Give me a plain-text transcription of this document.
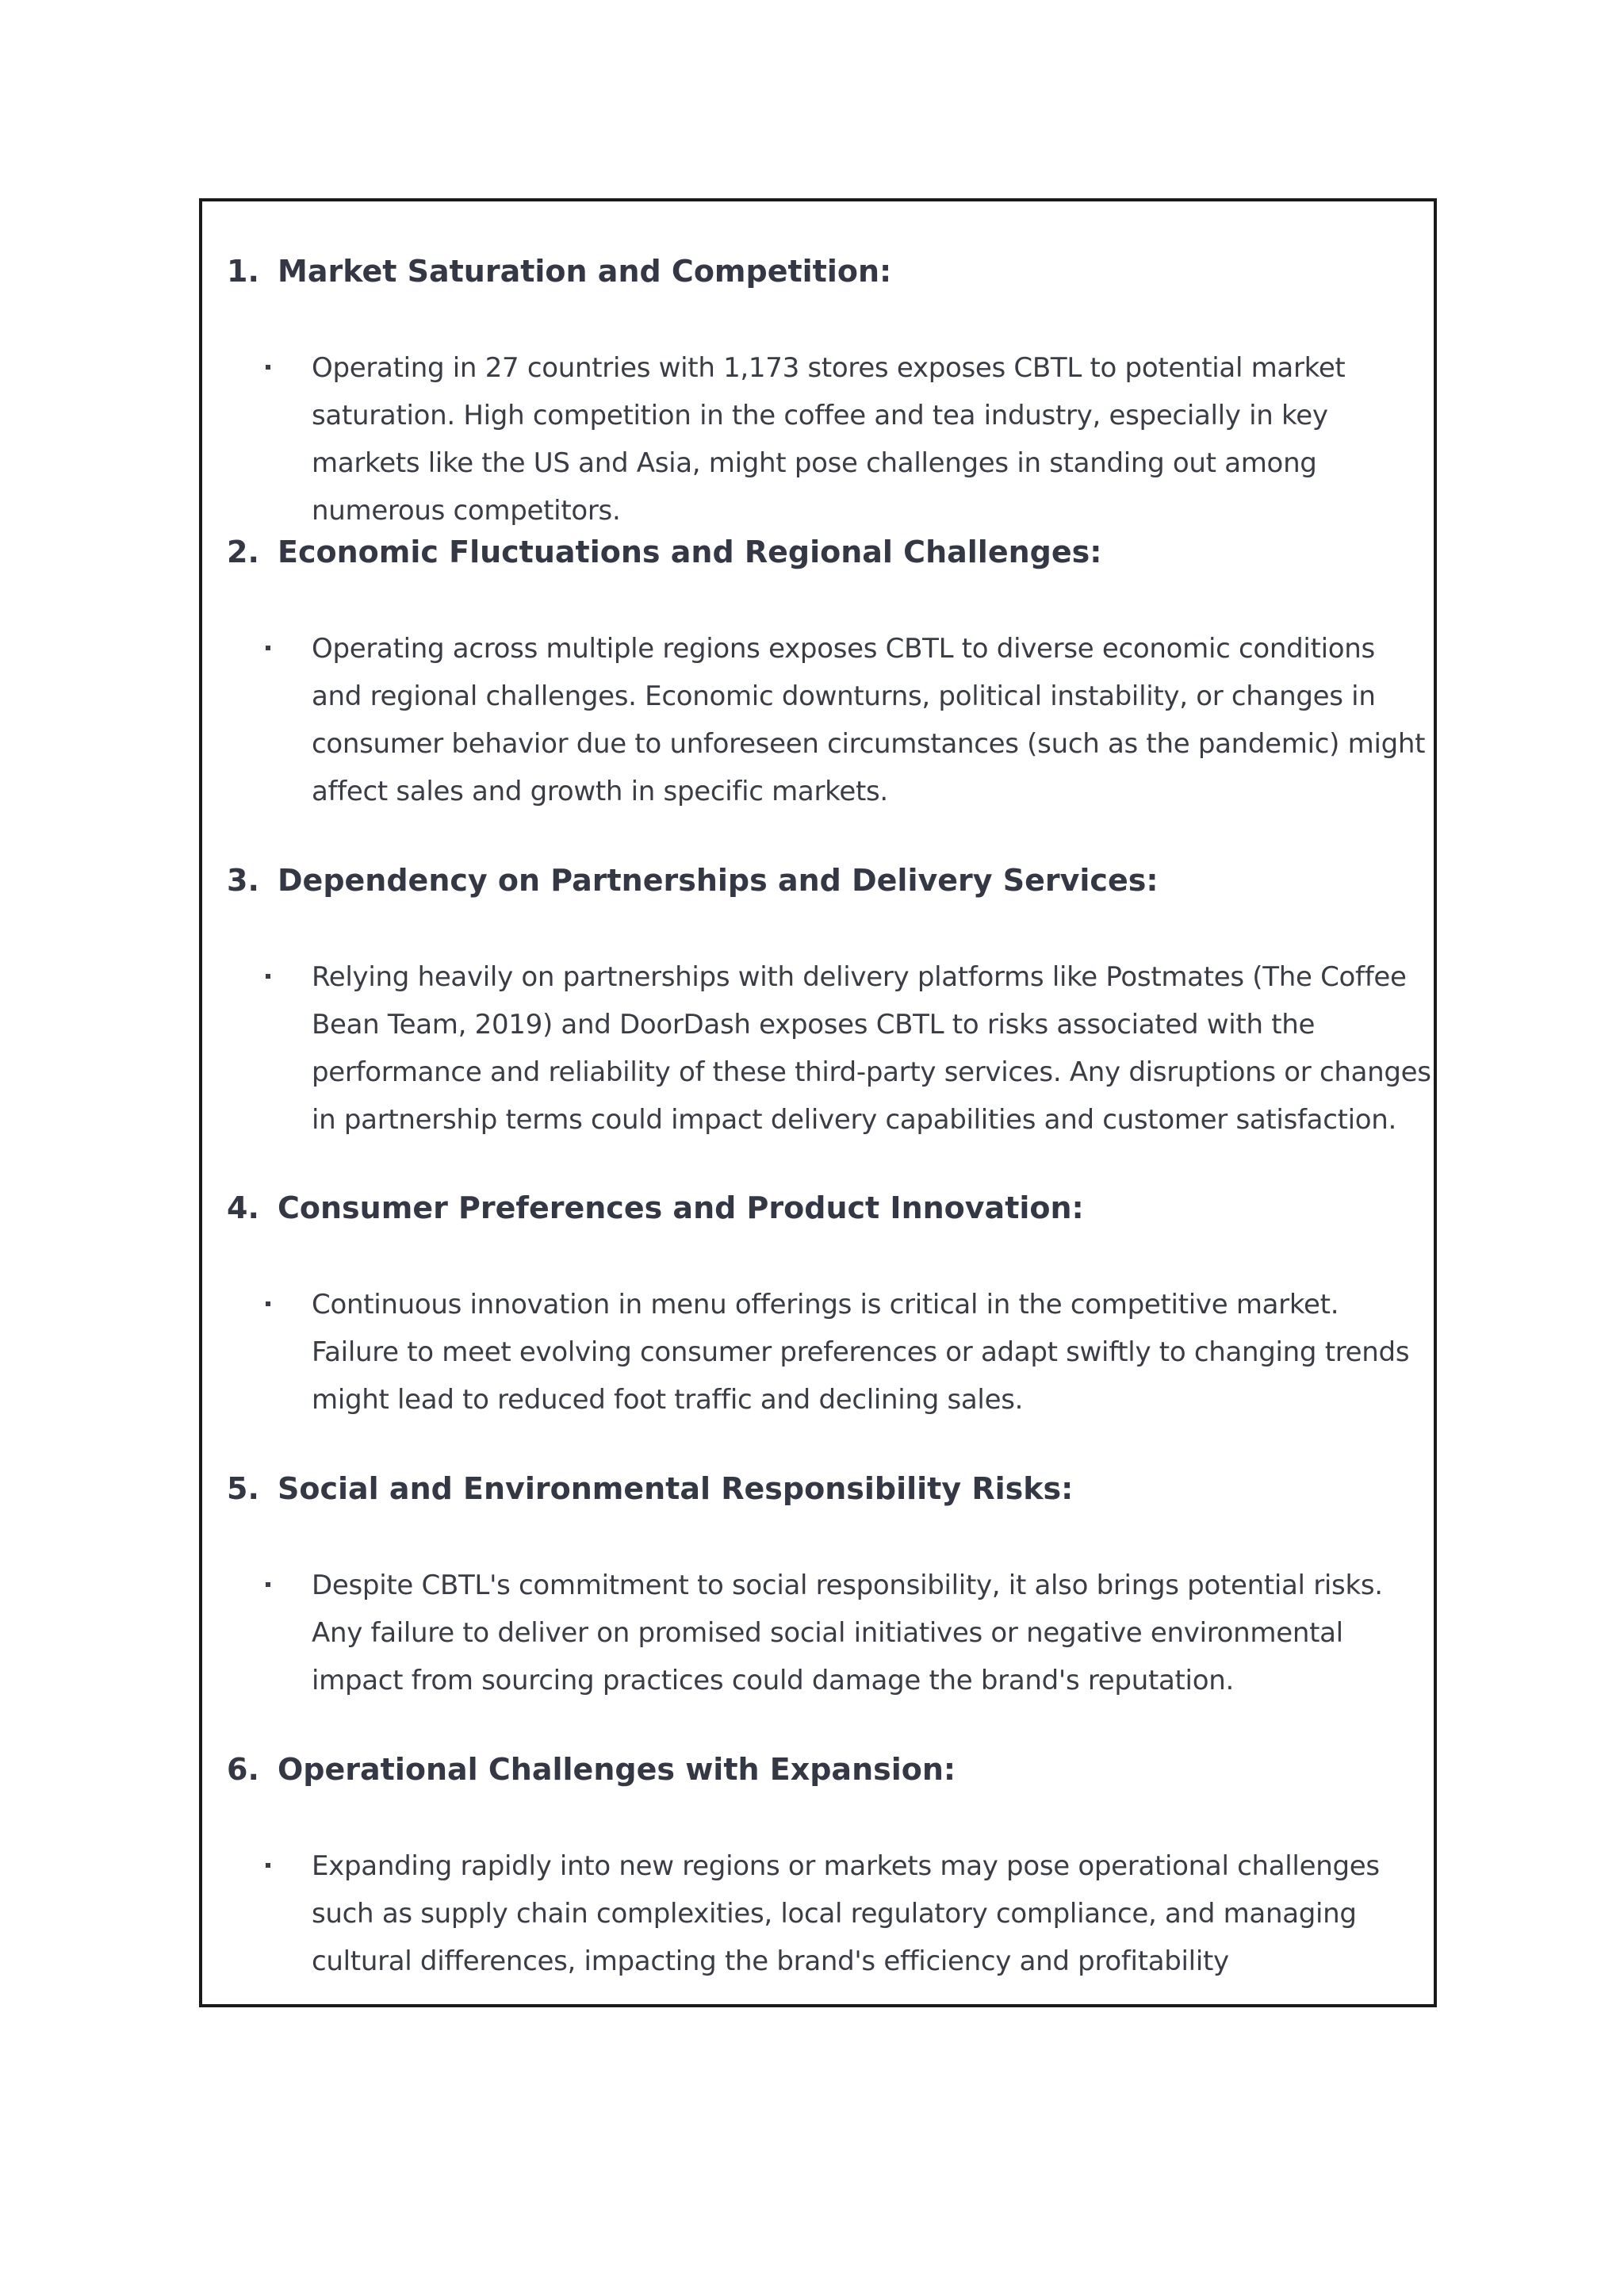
1. Market Saturation and Competition:
Operating in 27 countries with 1,173 stores exposes CBTL to potential market saturation. High competition in the coffee and tea industry, especially in key markets like the US and Asia, might pose challenges in standing out among numerous competitors.
2. Economic Fluctuations and Regional Challenges:
Operating across multiple regions exposes CBTL to diverse economic conditions and regional challenges. Economic downturns, political instability, or changes in consumer behavior due to unforeseen circumstances (such as the pandemic) might affect sales and growth in specific markets.
3. Dependency on Partnerships and Delivery Services:
Relying heavily on partnerships with delivery platforms like Postmates (The Coffee Bean Team, 2019) and DoorDash exposes CBTL to risks associated with the performance and reliability of these third-party services. Any disruptions or changes in partnership terms could impact delivery capabilities and customer satisfaction.
4. Consumer Preferences and Product Innovation:
Continuous innovation in menu offerings is critical in the competitive market. Failure to meet evolving consumer preferences or adapt swiftly to changing trends might lead to reduced foot traffic and declining sales.
5. Social and Environmental Responsibility Risks:
Despite CBTL's commitment to social responsibility, it also brings potential risks. Any failure to deliver on promised social initiatives or negative environmental impact from sourcing practices could damage the brand's reputation.
6. Operational Challenges with Expansion:
Expanding rapidly into new regions or markets may pose operational challenges such as supply chain complexities, local regulatory compliance, and managing cultural differences, impacting the brand's efficiency and profitability
